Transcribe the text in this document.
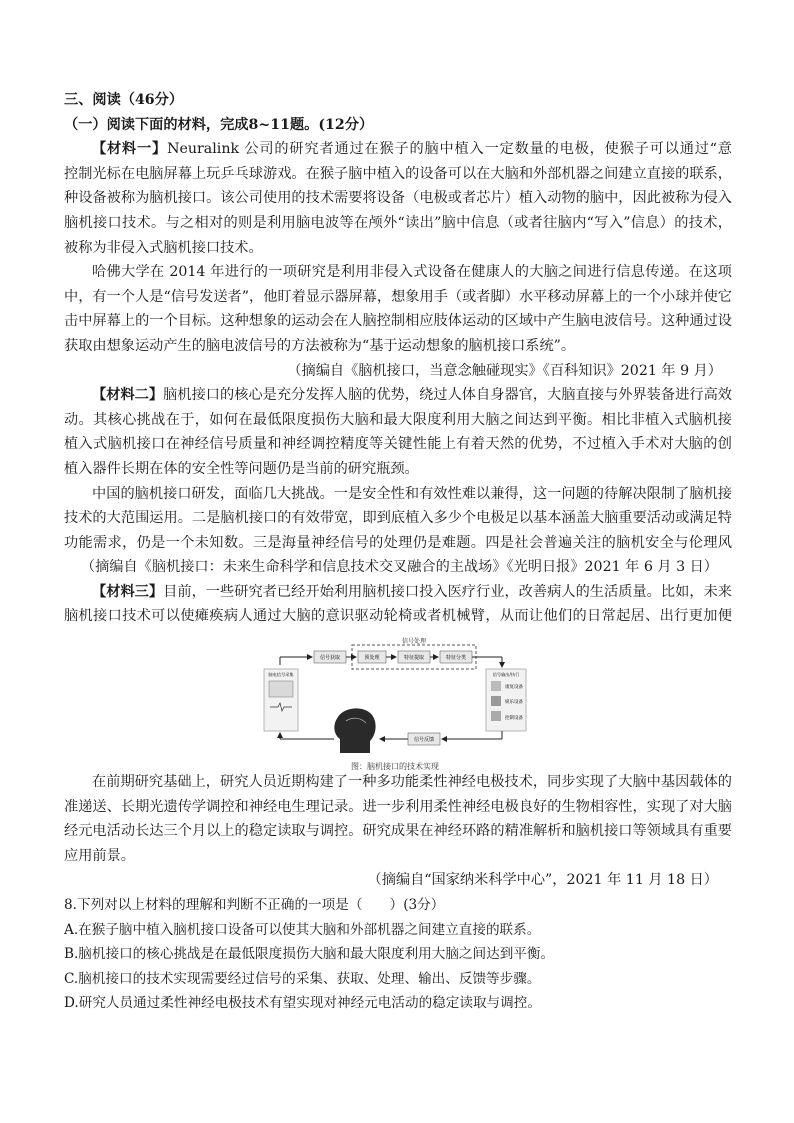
三、阅读（46分）
（一）阅读下面的材料，完成8~11题。(12分）
【材料一】Neuralink 公司的研究者通过在猴子的脑中植入一定数量的电极，使猴子可以通过“意
控制光标在电脑屏幕上玩乒乓球游戏。在猴子脑中植入的设备可以在大脑和外部机器之间建立直接的联系，
种设备被称为脑机接口。该公司使用的技术需要将设备（电极或者芯片）植入动物的脑中，因此被称为侵入
脑机接口技术。与之相对的则是利用脑电波等在颅外“读出”脑中信息（或者往脑内“写入”信息）的技术，
被称为非侵入式脑机接口技术。
哈佛大学在 2014 年进行的一项研究是利用非侵入式设备在健康人的大脑之间进行信息传递。在这项
中，有一个人是“信号发送者”，他盯着显示器屏幕，想象用手（或者脚）水平移动屏幕上的一个小球并使它
击中屏幕上的一个目标。这种想象的运动会在人脑控制相应肢体运动的区域中产生脑电波信号。这种通过设
获取由想象运动产生的脑电波信号的方法被称为“基于运动想象的脑机接口系统”。
（摘编自《脑机接口，当意念触碰现实》《百科知识》2021 年 9 月）
【材料二】脑机接口的核心是充分发挥人脑的优势，绕过人体自身器官，大脑直接与外界装备进行高效
动。其核心挑战在于，如何在最低限度损伤大脑和最大限度利用大脑之间达到平衡。相比非植入式脑机接
植入式脑机接口在神经信号质量和神经调控精度等关键性能上有着天然的优势，不过植入手术对大脑的创
植入器件长期在体的安全性等问题仍是当前的研究瓶颈。
中国的脑机接口研发，面临几大挑战。一是安全性和有效性难以兼得，这一问题的待解决限制了脑机接
技术的大范围运用。二是脑机接口的有效带宽，即到底植入多少个电极足以基本涵盖大脑重要活动或满足特
功能需求，仍是一个未知数。三是海量神经信号的处理仍是难题。四是社会普遍关注的脑机安全与伦理风
（摘编自《脑机接口：未来生命科学和信息技术交叉融合的主战场》《光明日报》2021 年 6 月 3 日）
【材料三】目前，一些研究者已经开始利用脑机接口投入医疗行业，改善病人的生活质量。比如，未来
脑机接口技术可以使瘫痪病人通过大脑的意识驱动轮椅或者机械臂，从而让他们的日常起居、出行更加便
信号处理
信号获取	预处理	特征提取	特征分类
脑电信号采集	信号输出/执行
康复设备
娱乐设备
控制设备
信号反馈
图：脑机接口的技术实现
在前期研究基础上，研究人员近期构建了一种多功能柔性神经电极技术，同步实现了大脑中基因载体的
准递送、长期光遗传学调控和神经电生理记录。进一步利用柔性神经电极良好的生物相容性，实现了对大脑
经元电活动长达三个月以上的稳定读取与调控。研究成果在神经环路的精准解析和脑机接口等领域具有重要
应用前景。
（摘编自“国家纳米科学中心”，2021 年 11 月 18 日）
8.下列对以上材料的理解和判断不正确的一项是（　　）(3分）
A.在猴子脑中植入脑机接口设备可以使其大脑和外部机器之间建立直接的联系。
B.脑机接口的核心挑战是在最低限度损伤大脑和最大限度利用大脑之间达到平衡。
C.脑机接口的技术实现需要经过信号的采集、获取、处理、输出、反馈等步骤。
D.研究人员通过柔性神经电极技术有望实现对神经元电活动的稳定读取与调控。
